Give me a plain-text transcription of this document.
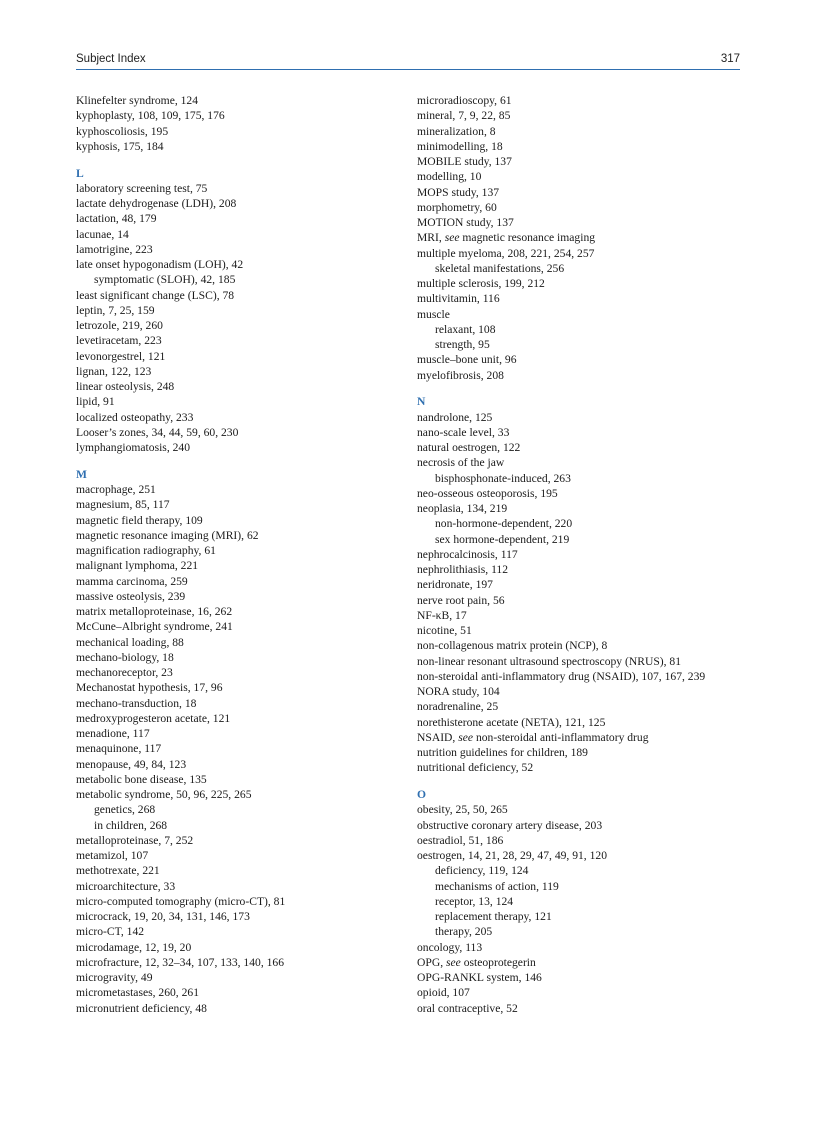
Subject Index	317
Klinefelter syndrome, 124
kyphoplasty, 108, 109, 175, 176
kyphoscoliosis, 195
kyphosis, 175, 184
L
laboratory screening test, 75
lactate dehydrogenase (LDH), 208
lactation, 48, 179
lacunae, 14
lamotrigine, 223
late onset hypogonadism (LOH), 42
symptomatic (SLOH), 42, 185
least significant change (LSC), 78
leptin, 7, 25, 159
letrozole, 219, 260
levetiracetam, 223
levonorgestrel, 121
lignan, 122, 123
linear osteolysis, 248
lipid, 91
localized osteopathy, 233
Looser’s zones, 34, 44, 59, 60, 230
lymphangiomatosis, 240
M
macrophage, 251
magnesium, 85, 117
magnetic field therapy, 109
magnetic resonance imaging (MRI), 62
magnification radiography, 61
malignant lymphoma, 221
mamma carcinoma, 259
massive osteolysis, 239
matrix metalloproteinase, 16, 262
McCune–Albright syndrome, 241
mechanical loading, 88
mechano-biology, 18
mechanoreceptor, 23
Mechanostat hypothesis, 17, 96
mechano-transduction, 18
medroxyprogesteron acetate, 121
menadione, 117
menaquinone, 117
menopause, 49, 84, 123
metabolic bone disease, 135
metabolic syndrome, 50, 96, 225, 265
genetics, 268
in children, 268
metalloproteinase, 7, 252
metamizol, 107
methotrexate, 221
microarchitecture, 33
micro-computed tomography (micro-CT), 81
microcrack, 19, 20, 34, 131, 146, 173
micro-CT, 142
microdamage, 12, 19, 20
microfracture, 12, 32–34, 107, 133, 140, 166
microgravity, 49
micrometastases, 260, 261
micronutrient deficiency, 48
microradioscopy, 61
mineral, 7, 9, 22, 85
mineralization, 8
minimodelling, 18
MOBILE study, 137
modelling, 10
MOPS study, 137
morphometry, 60
MOTION study, 137
MRI, see magnetic resonance imaging
multiple myeloma, 208, 221, 254, 257
skeletal manifestations, 256
multiple sclerosis, 199, 212
multivitamin, 116
muscle
relaxant, 108
strength, 95
muscle–bone unit, 96
myelofibrosis, 208
N
nandrolone, 125
nano-scale level, 33
natural oestrogen, 122
necrosis of the jaw
bisphosphonate-induced, 263
neo-osseous osteoporosis, 195
neoplasia, 134, 219
non-hormone-dependent, 220
sex hormone-dependent, 219
nephrocalcinosis, 117
nephrolithiasis, 112
neridronate, 197
nerve root pain, 56
NF-κB, 17
nicotine, 51
non-collagenous matrix protein (NCP), 8
non-linear resonant ultrasound spectroscopy (NRUS), 81
non-steroidal anti-inflammatory drug (NSAID), 107, 167, 239
NORA study, 104
noradrenaline, 25
norethisterone acetate (NETA), 121, 125
NSAID, see non-steroidal anti-inflammatory drug
nutrition guidelines for children, 189
nutritional deficiency, 52
O
obesity, 25, 50, 265
obstructive coronary artery disease, 203
oestradiol, 51, 186
oestrogen, 14, 21, 28, 29, 47, 49, 91, 120
deficiency, 119, 124
mechanisms of action, 119
receptor, 13, 124
replacement therapy, 121
therapy, 205
oncology, 113
OPG, see osteoprotegerin
OPG-RANKL system, 146
opioid, 107
oral contraceptive, 52
